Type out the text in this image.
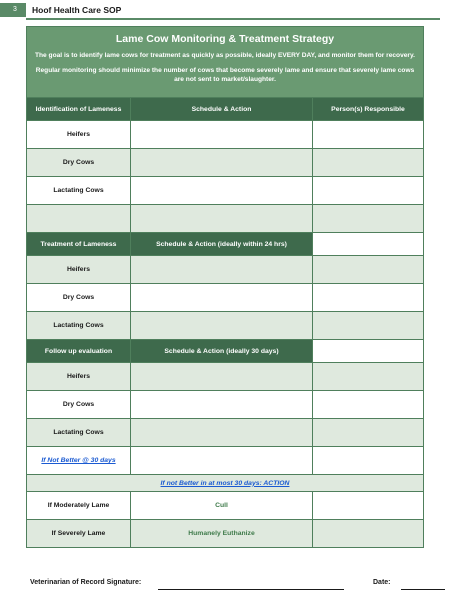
3	Hoof Health Care SOP
Lame Cow Monitoring & Treatment Strategy
The goal is to identify lame cows for treatment as quickly as possible, ideally EVERY DAY, and monitor them for recovery.
Regular monitoring should minimize the number of cows that become severely lame and ensure that severely lame cows are not sent to market/slaughter.		

Identification of Lameness	Schedule & Action	Person(s) Responsible
Heifers		
Dry Cows		
Lactating Cows		

Treatment of Lameness	Schedule & Action (ideally within 24 hrs)	
Heifers		
Dry Cows		
Lactating Cows		
Follow up evaluation	Schedule & Action (ideally 30 days)	
Heifers		
Dry Cows		
Lactating Cows		
If Not Better @ 30 days		
If not Better in at most 30 days: ACTION		
If Moderately Lame	Cull	
If Severely Lame	Humanely Euthanize	
Veterinarian of Record Signature:	Date:
